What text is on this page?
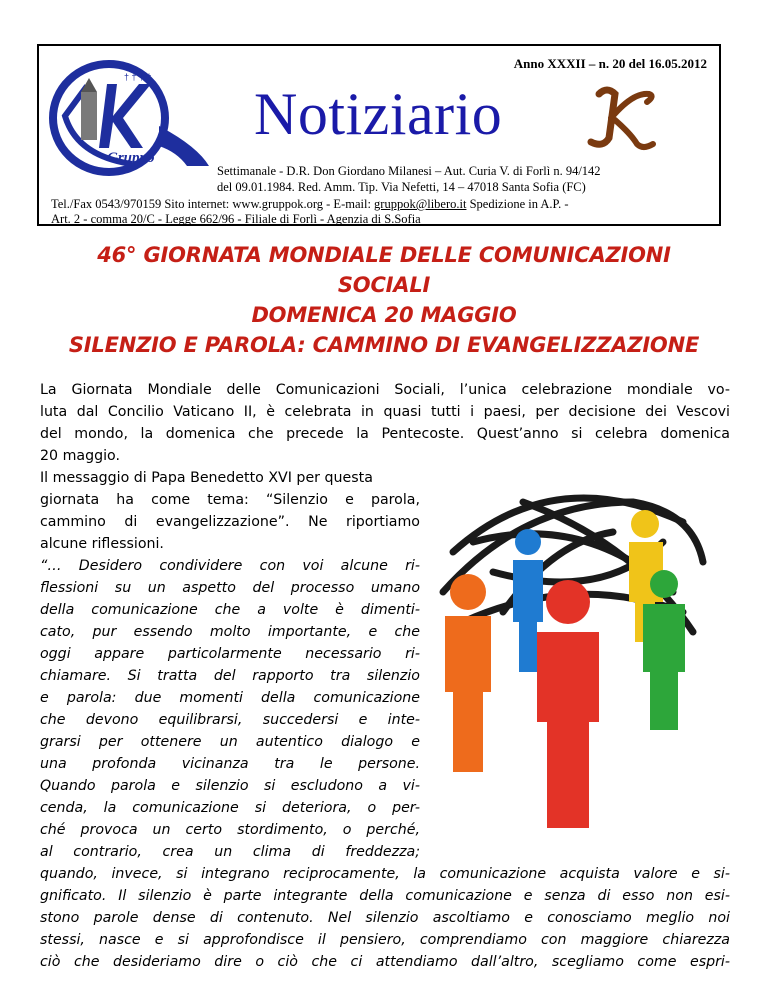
Anno XXXII – n. 20 del 16.05.2012
Gruppo
† † † †
Notiziario
Settimanale - D.R. Don Giordano Milanesi – Aut. Curia V. di Forlì n. 94/142
del 09.01.1984. Red. Amm. Tip. Via Nefetti, 14 – 47018 Santa Sofia (FC)
Tel./Fax 0543/970159 Sito internet: www.gruppok.org - E-mail: gruppok@libero.it Spedizione in A.P. -
Art. 2 - comma 20/C - Legge 662/96 - Filiale di Forlì - Agenzia di S.Sofia
46° GIORNATA MONDIALE DELLE COMUNICAZIONI
SOCIALI
DOMENICA 20 MAGGIO
SILENZIO E PAROLA: CAMMINO DI EVANGELIZZAZIONE
La Giornata Mondiale delle Comunicazioni Sociali, l’unica celebrazione mondiale vo-
luta dal Concilio Vaticano II, è celebrata in quasi tutti i paesi, per decisione dei Vescovi
del mondo, la domenica che precede la Pentecoste. Quest’anno si celebra domenica
20 maggio.
Il messaggio di Papa Benedetto XVI per questa
giornata ha come tema: “Silenzio e parola,
cammino di evangelizzazione”. Ne riportiamo
alcune riflessioni.
“… Desidero condividere con voi alcune ri-
flessioni su un aspetto del processo umano
della comunicazione che a volte è dimenti-
cato, pur essendo molto importante, e che
oggi appare particolarmente necessario ri-
chiamare. Si tratta del rapporto tra silenzio
e parola: due momenti della comunicazione
che devono equilibrarsi, succedersi e inte-
grarsi per ottenere un autentico dialogo e
una profonda vicinanza tra le persone.
Quando parola e silenzio si escludono a vi-
cenda, la comunicazione si deteriora, o per-
ché provoca un certo stordimento, o perché,
al contrario, crea un clima di freddezza;
quando, invece, si integrano reciprocamente, la comunicazione acquista valore e si-
gnificato. Il silenzio è parte integrante della comunicazione e senza di esso non esi-
stono parole dense di contenuto. Nel silenzio ascoltiamo e conosciamo meglio noi
stessi, nasce e si approfondisce il pensiero, comprendiamo con maggiore chiarezza
ciò che desideriamo dire o ciò che ci attendiamo dall’altro, scegliamo come espri-
